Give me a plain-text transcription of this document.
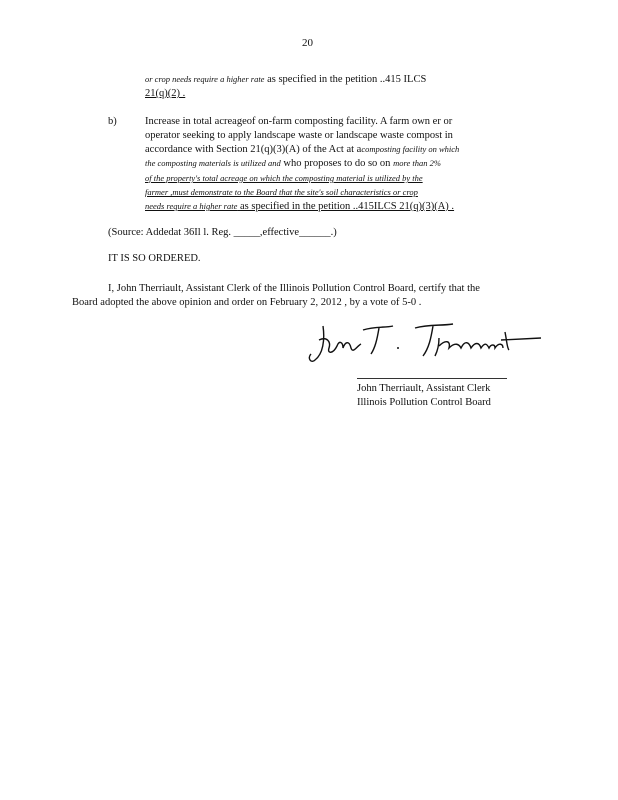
20
or crop needs require a higher rate as specified in the petition ..415 ILCS
21(q)(2) .
b)	Increase in total acreageof on-farm composting facility. A farm own er or
operator seeking to apply landscape waste or landscape waste compost in
accordance with Section 21(q)(3)(A) of the Act at acomposting facility on which
the composting materials is utilized and who proposes to do so on more than 2%
of the property's total acreage on which the composting material is utilized by the
farmer ,must demonstrate to the Board that the site's soil characteristics or crop
needs require a higher rate as specified in the petition ..415ILCS 21(q)(3)(A) .
(Source: Addedat 36Il l. Reg. _____,effective______.)
IT IS SO ORDERED.
I, John Therriault, Assistant Clerk of the Illinois Pollution Control Board, certify that the
Board adopted the above opinion and order on February 2, 2012 , by a vote of 5-0 .
John Therriault, Assistant Clerk
Illinois Pollution Control Board
